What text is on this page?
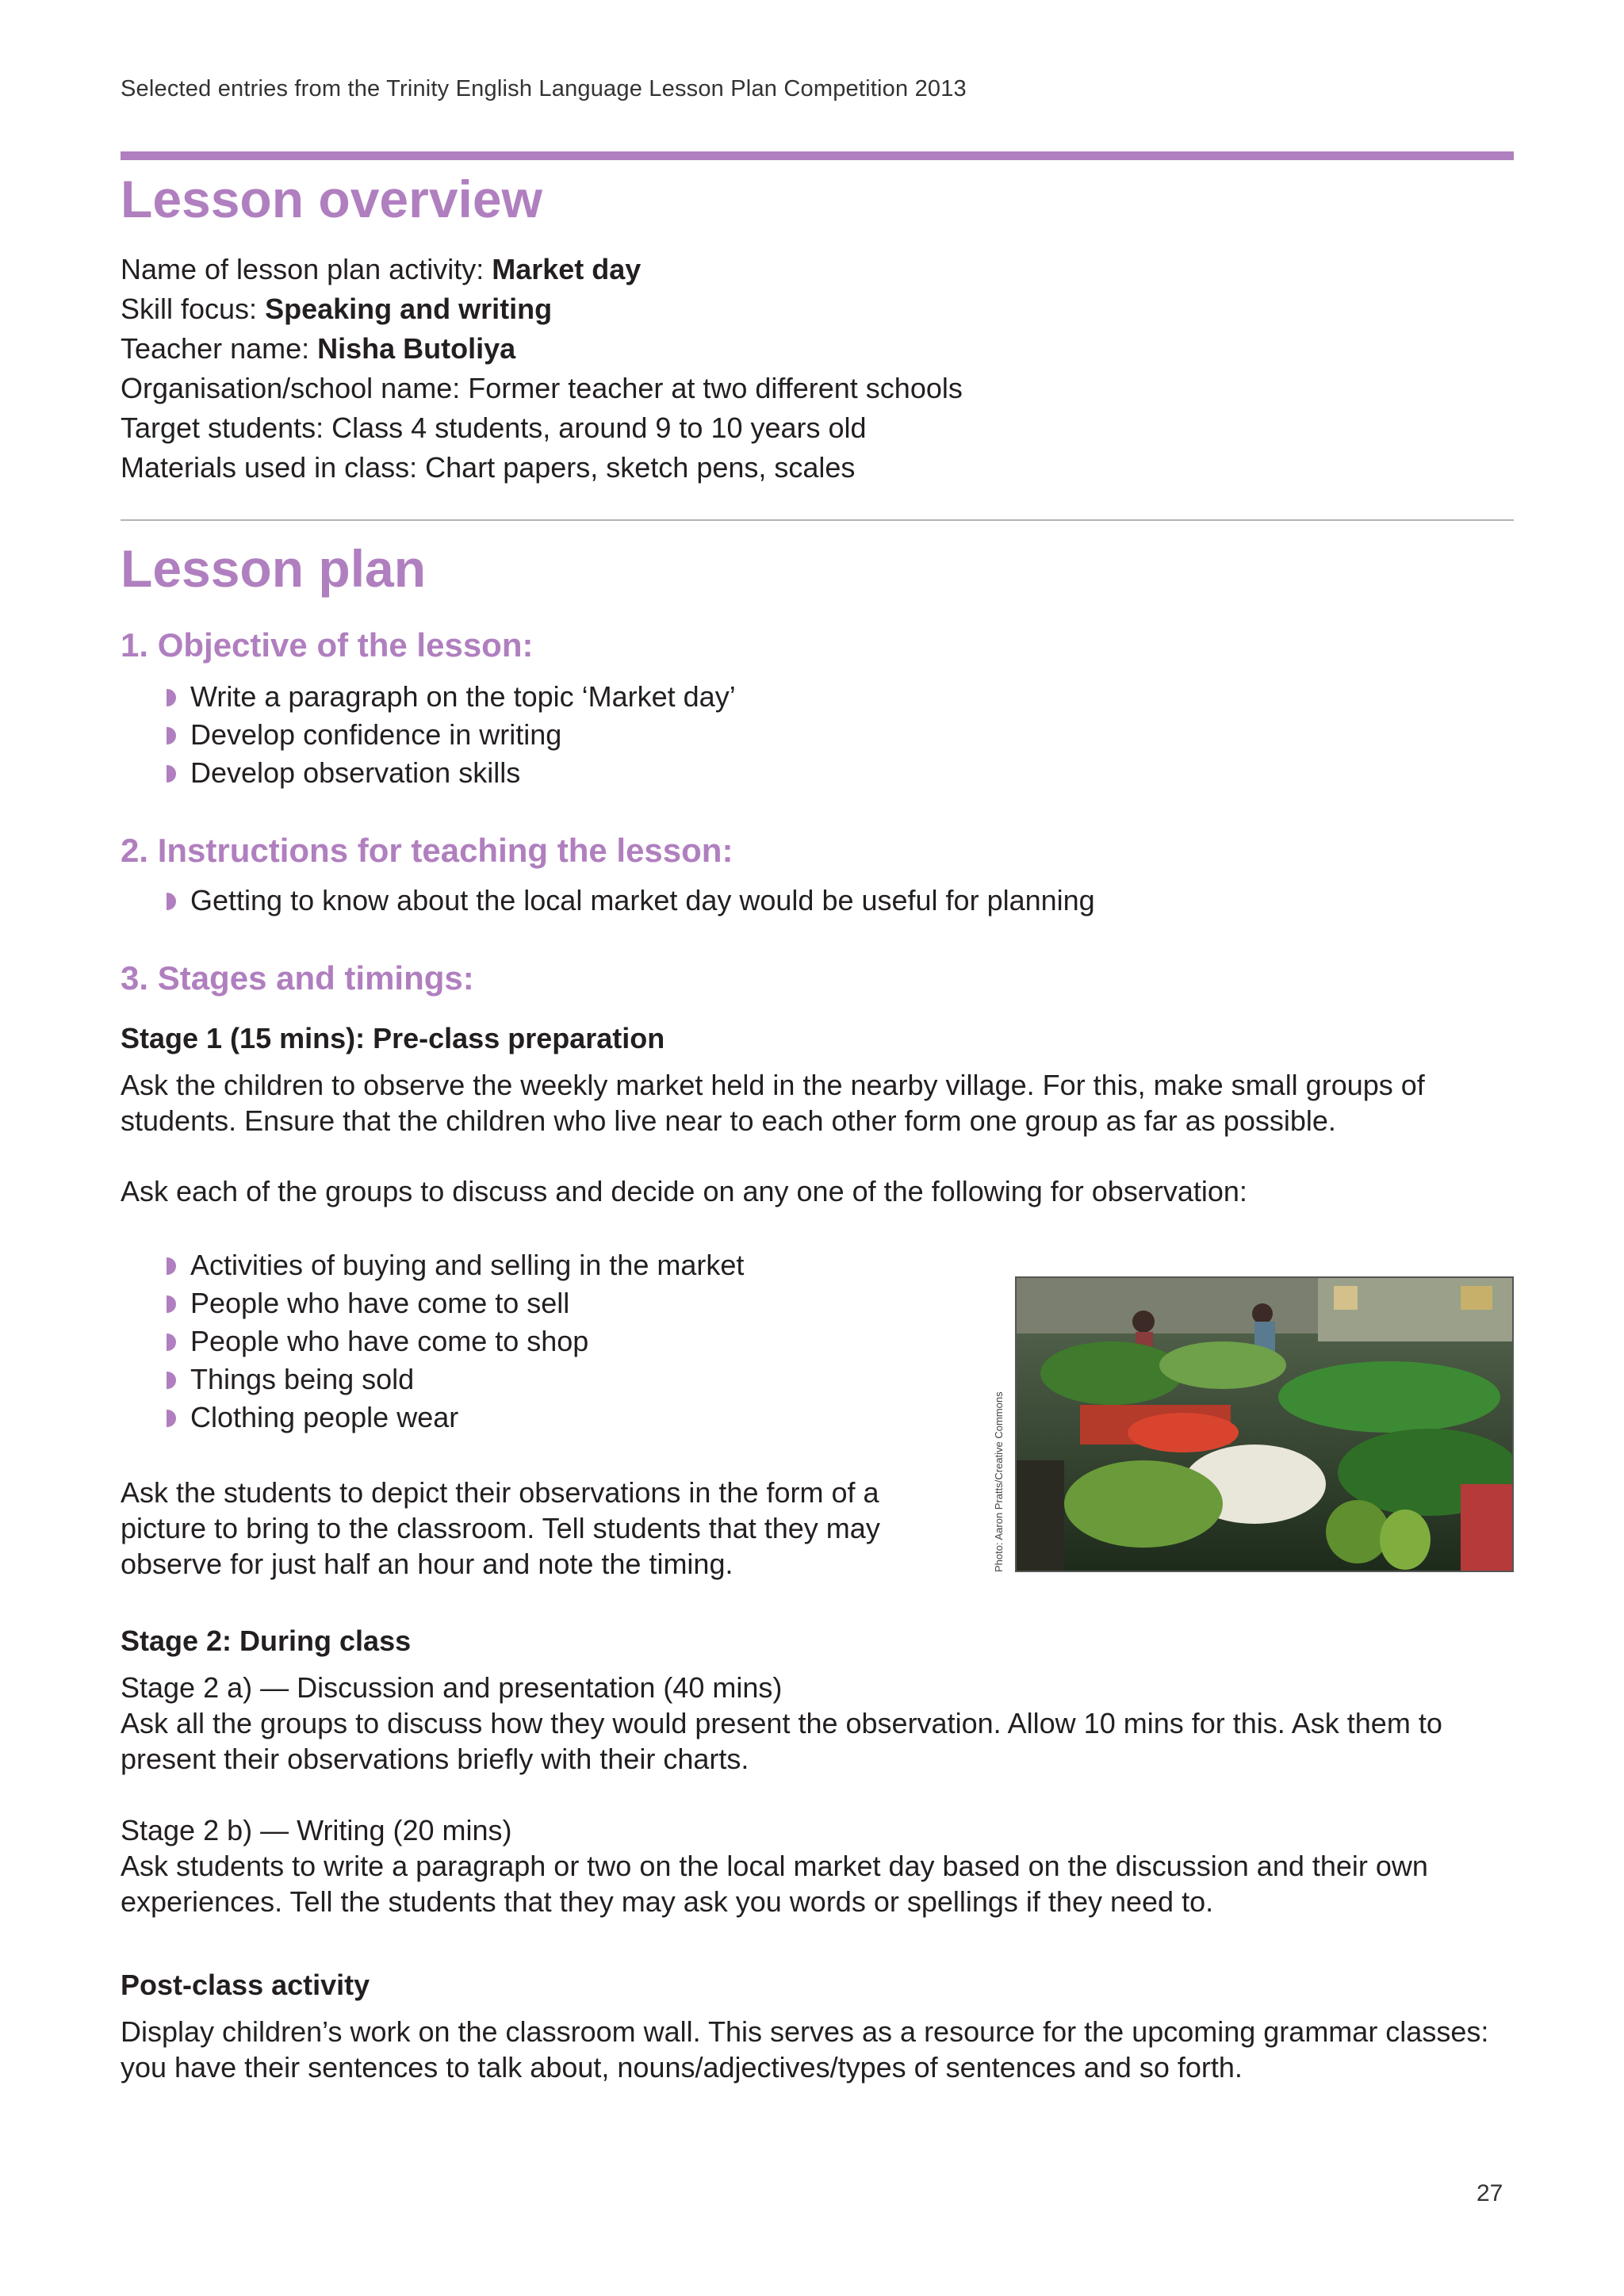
Selected entries from the Trinity English Language Lesson Plan Competition 2013
Lesson overview
Name of lesson plan activity: Market day
Skill focus: Speaking and writing
Teacher name: Nisha Butoliya
Organisation/school name: Former teacher at two different schools
Target students: Class 4 students, around 9 to 10 years old
Materials used in class: Chart papers, sketch pens, scales
Lesson plan
1. Objective of the lesson:
Write a paragraph on the topic ‘Market day’
Develop confidence in writing
Develop observation skills
2. Instructions for teaching the lesson:
Getting to know about the local market day would be useful for planning
3. Stages and timings:
Stage 1 (15 mins): Pre-class preparation
Ask the children to observe the weekly market held in the nearby village. For this, make small groups of
students. Ensure that the children who live near to each other form one group as far as possible.
Ask each of the groups to discuss and decide on any one of the following for observation:
Activities of buying and selling in the market
People who have come to sell
People who have come to shop
Things being sold
Clothing people wear
Ask the students to depict their observations in the form of a
picture to bring to the classroom. Tell students that they may
observe for just half an hour and note the timing.	Photo: Aaron Pratts/Creative Commons
Stage 2: During class
Stage 2 a) — Discussion and presentation (40 mins)
Ask all the groups to discuss how they would present the observation. Allow 10 mins for this. Ask them to
present their observations briefly with their charts.
Stage 2 b) — Writing (20 mins)
Ask students to write a paragraph or two on the local market day based on the discussion and their own
experiences. Tell the students that they may ask you words or spellings if they need to.
Post-class activity
Display children’s work on the classroom wall. This serves as a resource for the upcoming grammar classes:
you have their sentences to talk about, nouns/adjectives/types of sentences and so forth.
27
